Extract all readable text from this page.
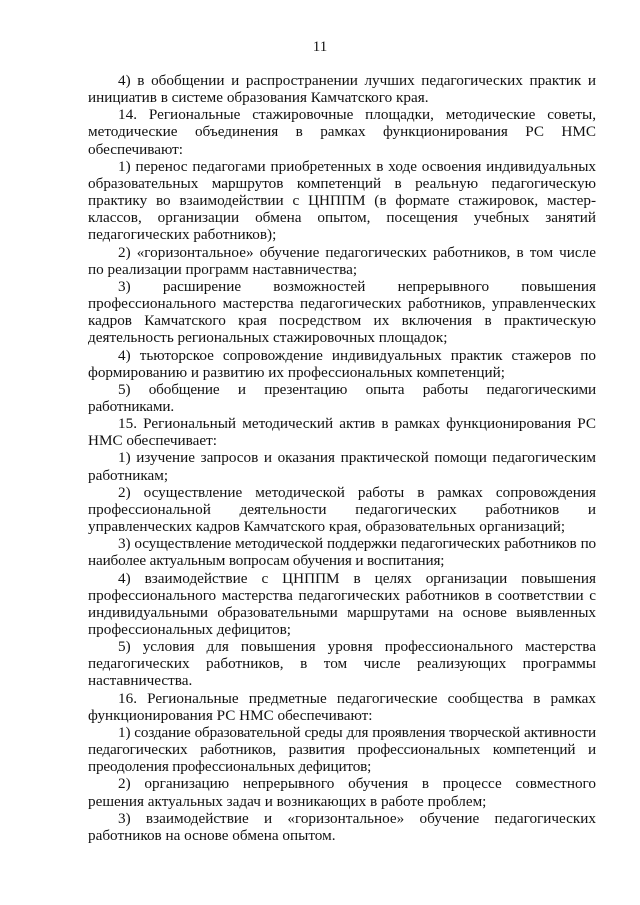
11

4) в обобщении и распространении лучших педагогических практик и инициатив в системе образования Камчатского края.

14. Региональные стажировочные площадки, методические советы, методические объединения в рамках функционирования РС НМС обеспечивают:

1) перенос педагогами приобретенных в ходе освоения индивидуальных образовательных маршрутов компетенций в реальную педагогическую практику во взаимодействии с ЦНППМ (в формате стажировок, мастер-классов, организации обмена опытом, посещения учебных занятий педагогических работников);

2) «горизонтальное» обучение педагогических работников, в том числе по реализации программ наставничества;

3) расширение возможностей непрерывного повышения профессионального мастерства педагогических работников, управленческих кадров Камчатского края посредством их включения в практическую деятельность региональных стажировочных площадок;

4) тьюторское сопровождение индивидуальных практик стажеров по формированию и развитию их профессиональных компетенций;

5) обобщение и презентацию опыта работы педагогическими работниками.

15. Региональный методический актив в рамках функционирования РС НМС обеспечивает:

1) изучение запросов и оказания практической помощи педагогическим работникам;

2) осуществление методической работы в рамках сопровождения профессиональной деятельности педагогических работников и управленческих кадров Камчатского края, образовательных организаций;

3) осуществление методической поддержки педагогических работников по наиболее актуальным вопросам обучения и воспитания;

4) взаимодействие с ЦНППМ в целях организации повышения профессионального мастерства педагогических работников в соответствии с индивидуальными образовательными маршрутами на основе выявленных профессиональных дефицитов;

5) условия для повышения уровня профессионального мастерства педагогических работников, в том числе реализующих программы наставничества.

16. Региональные предметные педагогические сообщества в рамках функционирования РС НМС обеспечивают:

1) создание образовательной среды для проявления творческой активности педагогических работников, развития профессиональных компетенций и преодоления профессиональных дефицитов;

2) организацию непрерывного обучения в процессе совместного решения актуальных задач и возникающих в работе проблем;

3) взаимодействие и «горизонтальное» обучение педагогических работников на основе обмена опытом.
